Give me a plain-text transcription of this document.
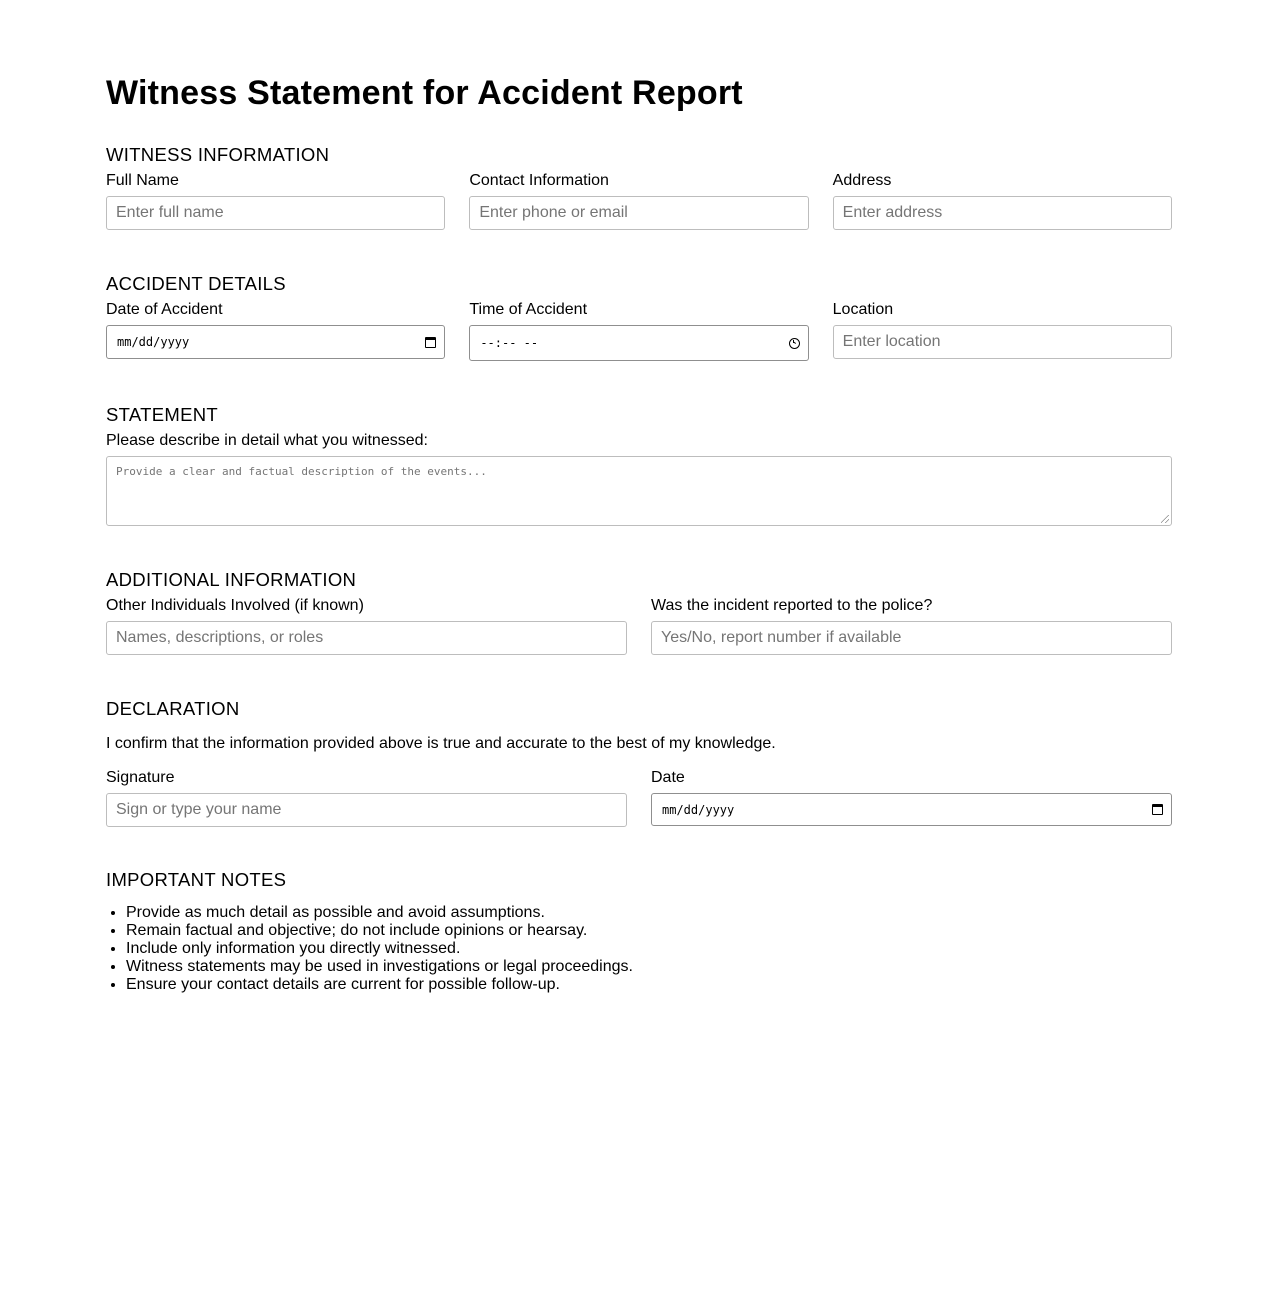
Witness Statement for Accident Report
WITNESS INFORMATION
Full Name
Enter full name
Contact Information
Enter phone or email
Address
Enter address
ACCIDENT DETAILS
Date of Accident
mm/dd/yyyy
Time of Accident
--:-- --
Location
Enter location
STATEMENT
Please describe in detail what you witnessed:
Provide a clear and factual description of the events...
ADDITIONAL INFORMATION
Other Individuals Involved (if known)
Names, descriptions, or roles
Was the incident reported to the police?
Yes/No, report number if available
DECLARATION
I confirm that the information provided above is true and accurate to the best of my knowledge.
Signature
Sign or type your name
Date
mm/dd/yyyy
IMPORTANT NOTES
• Provide as much detail as possible and avoid assumptions.
• Remain factual and objective; do not include opinions or hearsay.
• Include only information you directly witnessed.
• Witness statements may be used in investigations or legal proceedings.
• Ensure your contact details are current for possible follow-up.
